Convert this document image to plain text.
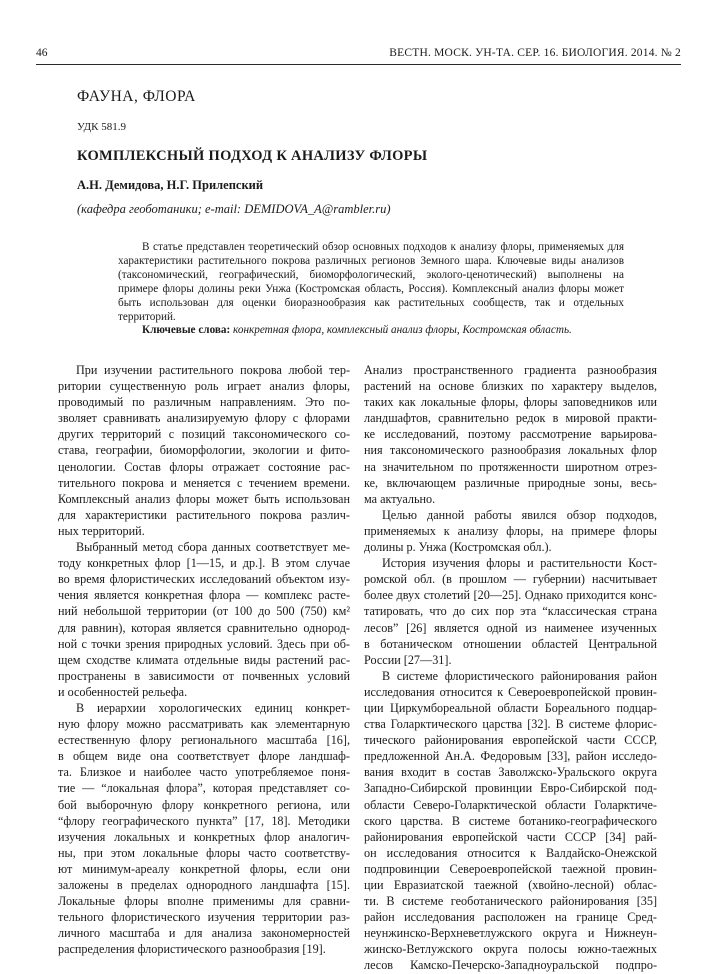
46	ВЕСТН. МОСК. УН-ТА. СЕР. 16. БИОЛОГИЯ. 2014. № 2
ФАУНА, ФЛОРА
УДК 581.9
КОМПЛЕКСНЫЙ ПОДХОД К АНАЛИЗУ ФЛОРЫ
А.Н. Демидова, Н.Г. Прилепский
(кафедра геоботаники; e-mail: DEMIDOVA_A@rambler.ru)

В статье представлен теоретический обзор основных подходов к анализу флоры, применяемых для характеристики растительного покрова различных регионов Земного шара. Ключевые виды анализов (таксономический, географический, биоморфологический, эколого-ценотический) выполнены на примере флоры долины реки Унжа (Костромская область, Россия). Комплексный анализ флоры может быть использован для оценки биоразнообразия как растительных сообществ, так и отдельных территорий.

Ключевые слова: конкретная флора, комплексный анализ флоры, Костромская область.

При изучении растительного покрова любой тер-
ритории существенную роль играет анализ флоры,
проводимый по различным направлениям. Это по-
зволяет сравнивать анализируемую флору с флорами
других территорий с позиций таксономического со-
става, географии, биоморфологии, экологии и фито-
ценологии. Состав флоры отражает состояние рас-
тительного покрова и меняется с течением времени.
Комплексный анализ флоры может быть использован
для характеристики растительного покрова различ-
ных территорий.

Выбранный метод сбора данных соответствует ме-
тоду конкретных флор [1—15, и др.]. В этом случае
во время флористических исследований объектом изу-
чения является конкретная флора — комплекс расте-
ний небольшой территории (от 100 до 500 (750) км²
для равнин), которая является сравнительно однород-
ной с точки зрения природных условий. Здесь при об-
щем сходстве климата отдельные виды растений рас-
пространены в зависимости от почвенных условий
и особенностей рельефа.

В иерархии хорологических единиц конкрет-
ную флору можно рассматривать как элементарную
естественную флору регионального масштаба [16],
в общем виде она соответствует флоре ландшаф-
та. Близкое и наиболее часто употребляемое поня-
тие — “локальная флора”, которая представляет со-
бой выборочную флору конкретного региона, или
“флору географического пункта” [17, 18]. Методики
изучения локальных и конкретных флор аналогич-
ны, при этом локальные флоры часто соответству-
ют минимум-ареалу конкретной флоры, если они
заложены в пределах однородного ландшафта [15].
Локальные флоры вполне применимы для сравни-
тельного флористического изучения территории раз-
личного масштаба и для анализа закономерностей
распределения флористического разнообразия [19].

Анализ пространственного градиента разнообразия
растений на основе близких по характеру выделов,
таких как локальные флоры, флоры заповедников или
ландшафтов, сравнительно редок в мировой практи-
ке исследований, поэтому рассмотрение варьирова-
ния таксономического разнообразия локальных флор
на значительном по протяженности широтном отрез-
ке, включающем различные природные зоны, весь-
ма актуально.

Целью данной работы явился обзор подходов,
применяемых к анализу флоры, на примере флоры
долины р. Унжа (Костромская обл.).

История изучения флоры и растительности Кост-
ромской обл. (в прошлом — губернии) насчитывает
более двух столетий [20—25]. Однако приходится конс-
татировать, что до сих пор эта “классическая страна
лесов” [26] является одной из наименее изученных
в ботаническом отношении областей Центральной
России [27—31].

В системе флористического районирования район
исследования относится к Североевропейской провин-
ции Циркумбореальной области Бореального подцар-
ства Голарктического царства [32]. В системе флорис-
тического районирования европейской части СССР,
предложенной Ан.А. Федоровым [33], район исследо-
вания входит в состав Заволжско-Уральского округа
Западно-Сибирской провинции Евро-Сибирской под-
области Северо-Голарктической области Голарктиче-
ского царства. В системе ботанико-географического
районирования европейской части СССР [34] рай-
он исследования относится к Валдайско-Онежской
подпровинции Североевропейской таежной провин-
ции Евразиатской таежной (хвойно-лесной) облас-
ти. В системе геоботанического районирования [35]
район исследования расположен на границе Сред-
неунжинско-Верхневетлужского округа и Нижнеун-
жинско-Ветлужского округа полосы южно-таежных
лесов Камско-Печерско-Западноуральской подпро-
